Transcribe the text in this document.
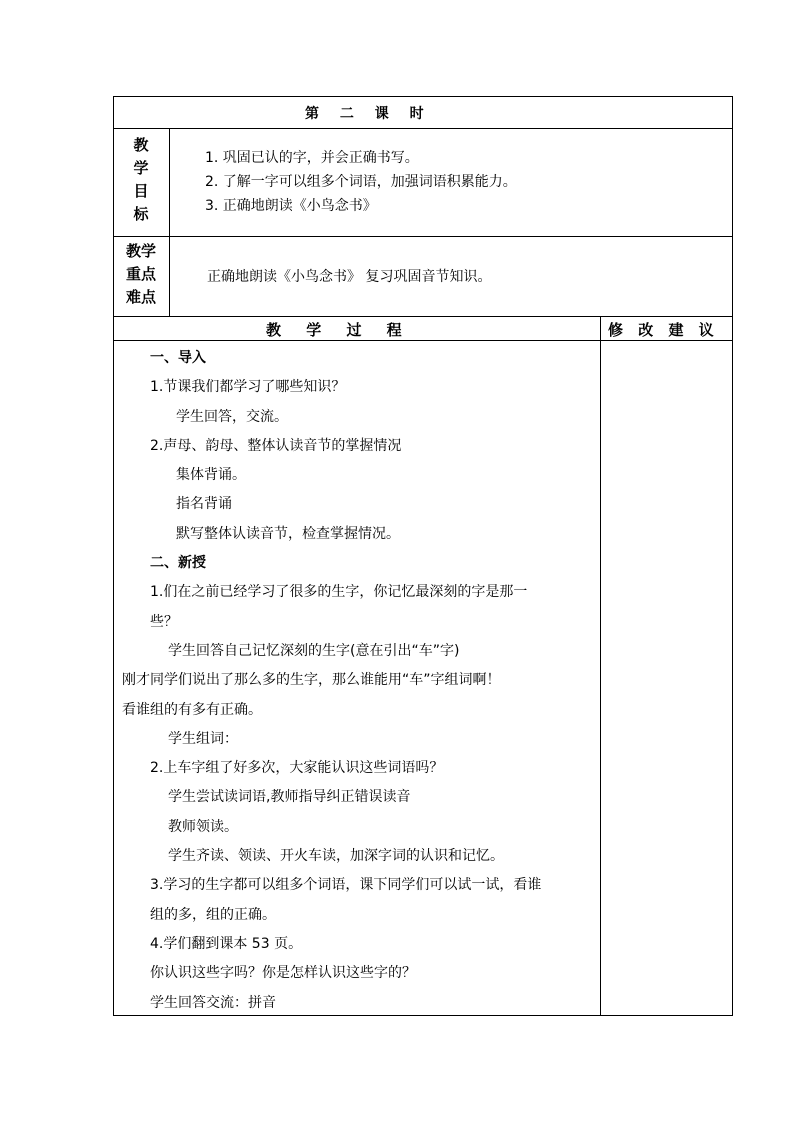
第 二 课 时
教
学
目
标
1. 巩固已认的字，并会正确书写。
2. 了解一字可以组多个词语，加强词语积累能力。
3. 正确地朗读《小鸟念书》
教学
重点
难点
正确地朗读《小鸟念书》 复习巩固音节知识。
教 学 过 程	修 改 建 议
一、导入
1.节课我们都学习了哪些知识？
学生回答，交流。
2.声母、韵母、整体认读音节的掌握情况
集体背诵。
指名背诵
默写整体认读音节，检查掌握情况。
二、新授
1.们在之前已经学习了很多的生字，你记忆最深刻的字是那一
些？
学生回答自己记忆深刻的生字(意在引出“车”字)
刚才同学们说出了那么多的生字，那么谁能用“车”字组词啊！
看谁组的有多有正确。
学生组词：
2.上车字组了好多次，大家能认识这些词语吗？
学生尝试读词语,教师指导纠正错误读音
教师领读。
学生齐读、领读、开火车读，加深字词的认识和记忆。
3.学习的生字都可以组多个词语，课下同学们可以试一试，看谁
组的多，组的正确。
4.学们翻到课本 53 页。
你认识这些字吗？你是怎样认识这些字的？
学生回答交流：拼音
